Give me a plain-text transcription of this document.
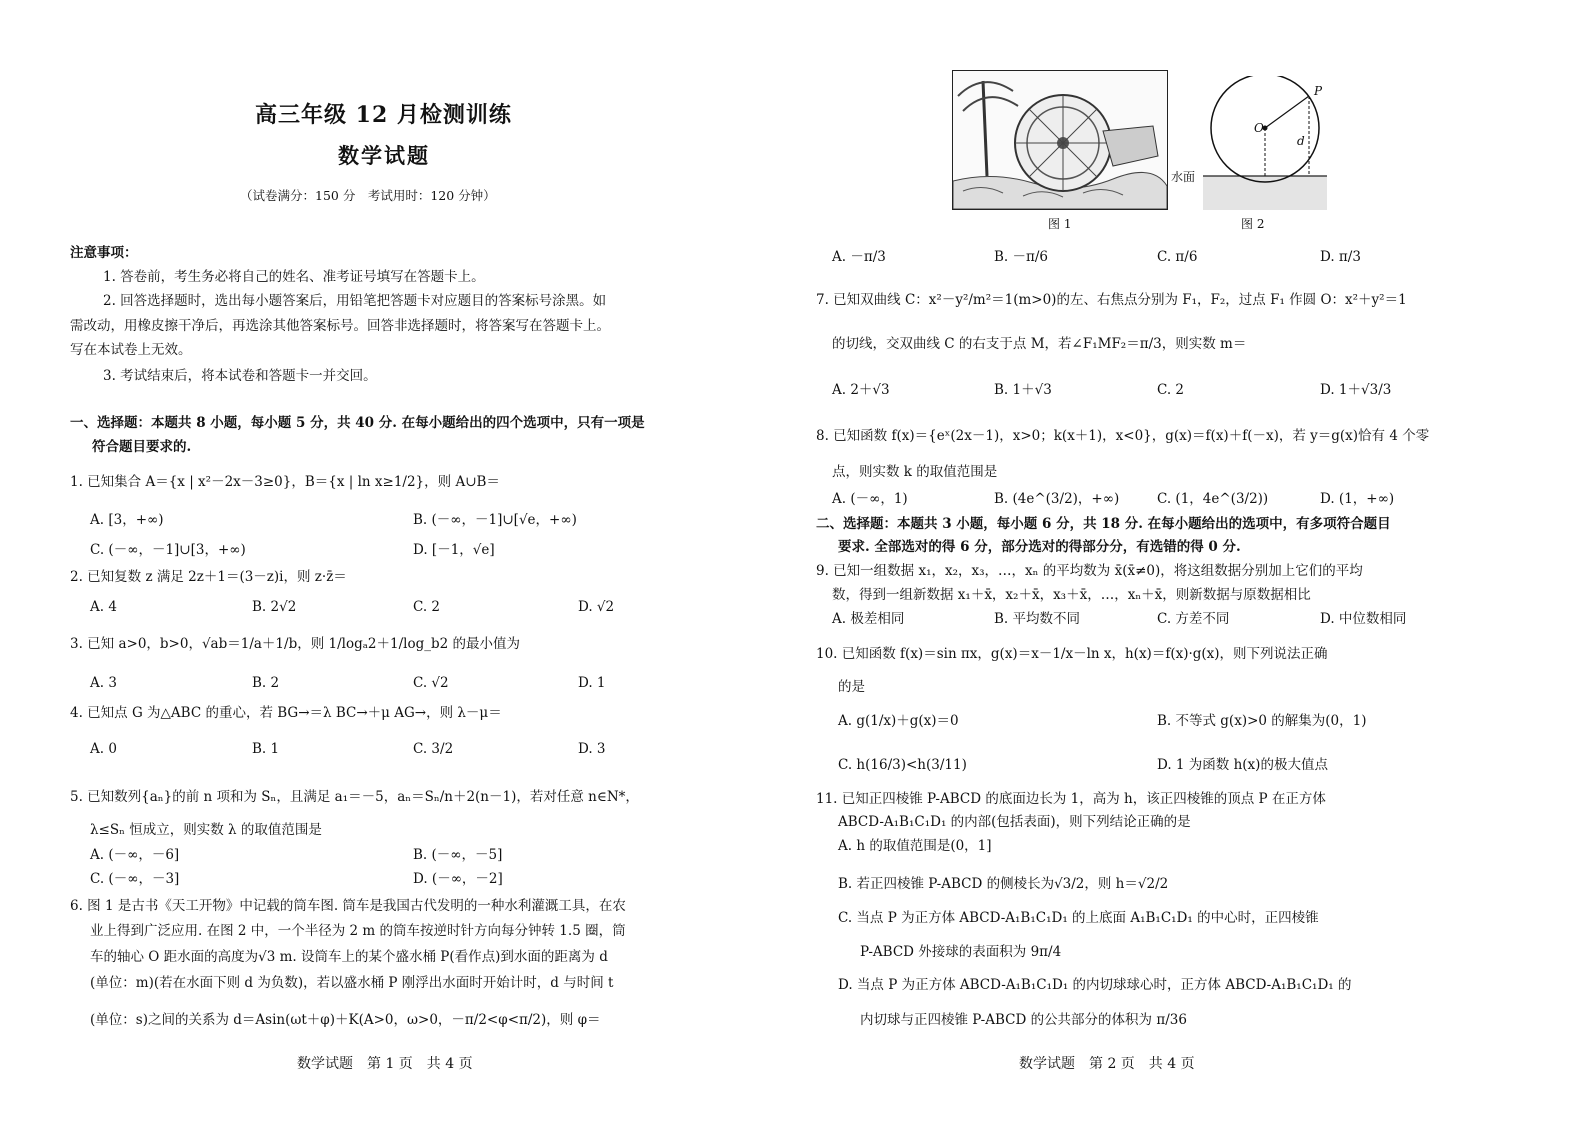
高三年级 12 月检测训练
数学试题
（试卷满分：150 分　考试用时：120 分钟）
注意事项：
1. 答卷前，考生务必将自己的姓名、准考证号填写在答题卡上。
2. 回答选择题时，选出每小题答案后，用铅笔把答题卡对应题目的答案标号涂黑。如
需改动，用橡皮擦干净后，再选涂其他答案标号。回答非选择题时，将答案写在答题卡上。
写在本试卷上无效。
3. 考试结束后，将本试卷和答题卡一并交回。
一、选择题：本题共 8 小题，每小题 5 分，共 40 分. 在每小题给出的四个选项中，只有一项是
符合题目要求的.
1. 已知集合 A＝{x | x²－2x－3≥0}，B＝{x | ln x≥1/2}，则 A∪B＝
A. [3，+∞)	B. (－∞，－1]∪[√e，+∞)
C. (－∞，－1]∪[3，+∞)	D. [－1，√e]
2. 已知复数 z 满足 2z＋1＝(3－z)i，则 z·z̄＝
A. 4	B. 2√2	C. 2	D. √2
3. 已知 a>0，b>0，√ab＝1/a＋1/b，则 1/logₐ2＋1/log_b2 的最小值为
A. 3	B. 2	C. √2	D. 1
4. 已知点 G 为△ABC 的重心，若 BG→＝λ BC→＋μ AG→，则 λ－μ＝
A. 0	B. 1	C. 3/2	D. 3
5. 已知数列{aₙ}的前 n 项和为 Sₙ，且满足 a₁＝－5，aₙ＝Sₙ/n＋2(n－1)，若对任意 n∈N*，
λ≤Sₙ 恒成立，则实数 λ 的取值范围是
A. (－∞，－6]	B. (－∞，－5]
C. (－∞，－3]	D. (－∞，－2]
6. 图 1 是古书《天工开物》中记载的筒车图. 筒车是我国古代发明的一种水利灌溉工具，在农
业上得到广泛应用. 在图 2 中，一个半径为 2 m 的筒车按逆时针方向每分钟转 1.5 圈，筒
车的轴心 O 距水面的高度为√3 m. 设筒车上的某个盛水桶 P(看作点)到水面的距离为 d
(单位：m)(若在水面下则 d 为负数)，若以盛水桶 P 刚浮出水面时开始计时，d 与时间 t
(单位：s)之间的关系为 d＝Asin(ωt＋φ)＋K(A>0，ω>0，－π/2<φ<π/2)，则 φ＝
数学试题　第 1 页　共 4 页
图 1
P
O
d
水面
图 2
A. －π/3	B. －π/6	C. π/6	D. π/3
7. 已知双曲线 C：x²－y²/m²＝1(m>0)的左、右焦点分别为 F₁，F₂，过点 F₁ 作圆 O：x²＋y²＝1
的切线，交双曲线 C 的右支于点 M，若∠F₁MF₂＝π/3，则实数 m＝
A. 2＋√3	B. 1＋√3	C. 2	D. 1＋√3/3
8. 已知函数 f(x)＝{eˣ(2x－1)，x>0；k(x＋1)，x<0}，g(x)＝f(x)＋f(－x)，若 y＝g(x)恰有 4 个零
点，则实数 k 的取值范围是
A. (－∞，1)	B. (4e^(3/2)，+∞)	C. (1，4e^(3/2))	D. (1，+∞)
二、选择题：本题共 3 小题，每小题 6 分，共 18 分. 在每小题给出的选项中，有多项符合题目
要求. 全部选对的得 6 分，部分选对的得部分分，有选错的得 0 分.
9. 已知一组数据 x₁，x₂，x₃，…，xₙ 的平均数为 x̄(x̄≠0)，将这组数据分别加上它们的平均
数，得到一组新数据 x₁＋x̄，x₂＋x̄，x₃＋x̄，…，xₙ＋x̄，则新数据与原数据相比
A. 极差相同	B. 平均数不同	C. 方差不同	D. 中位数相同
10. 已知函数 f(x)＝sin πx，g(x)＝x－1/x－ln x，h(x)＝f(x)·g(x)，则下列说法正确
的是
A. g(1/x)＋g(x)＝0	B. 不等式 g(x)>0 的解集为(0，1)
C. h(16/3)<h(3/11)	D. 1 为函数 h(x)的极大值点
11. 已知正四棱锥 P-ABCD 的底面边长为 1，高为 h，该正四棱锥的顶点 P 在正方体
ABCD-A₁B₁C₁D₁ 的内部(包括表面)，则下列结论正确的是
A. h 的取值范围是(0，1]
B. 若正四棱锥 P-ABCD 的侧棱长为√3/2，则 h＝√2/2
C. 当点 P 为正方体 ABCD-A₁B₁C₁D₁ 的上底面 A₁B₁C₁D₁ 的中心时，正四棱锥
P-ABCD 外接球的表面积为 9π/4
D. 当点 P 为正方体 ABCD-A₁B₁C₁D₁ 的内切球球心时，正方体 ABCD-A₁B₁C₁D₁ 的
内切球与正四棱锥 P-ABCD 的公共部分的体积为 π/36
数学试题　第 2 页　共 4 页
